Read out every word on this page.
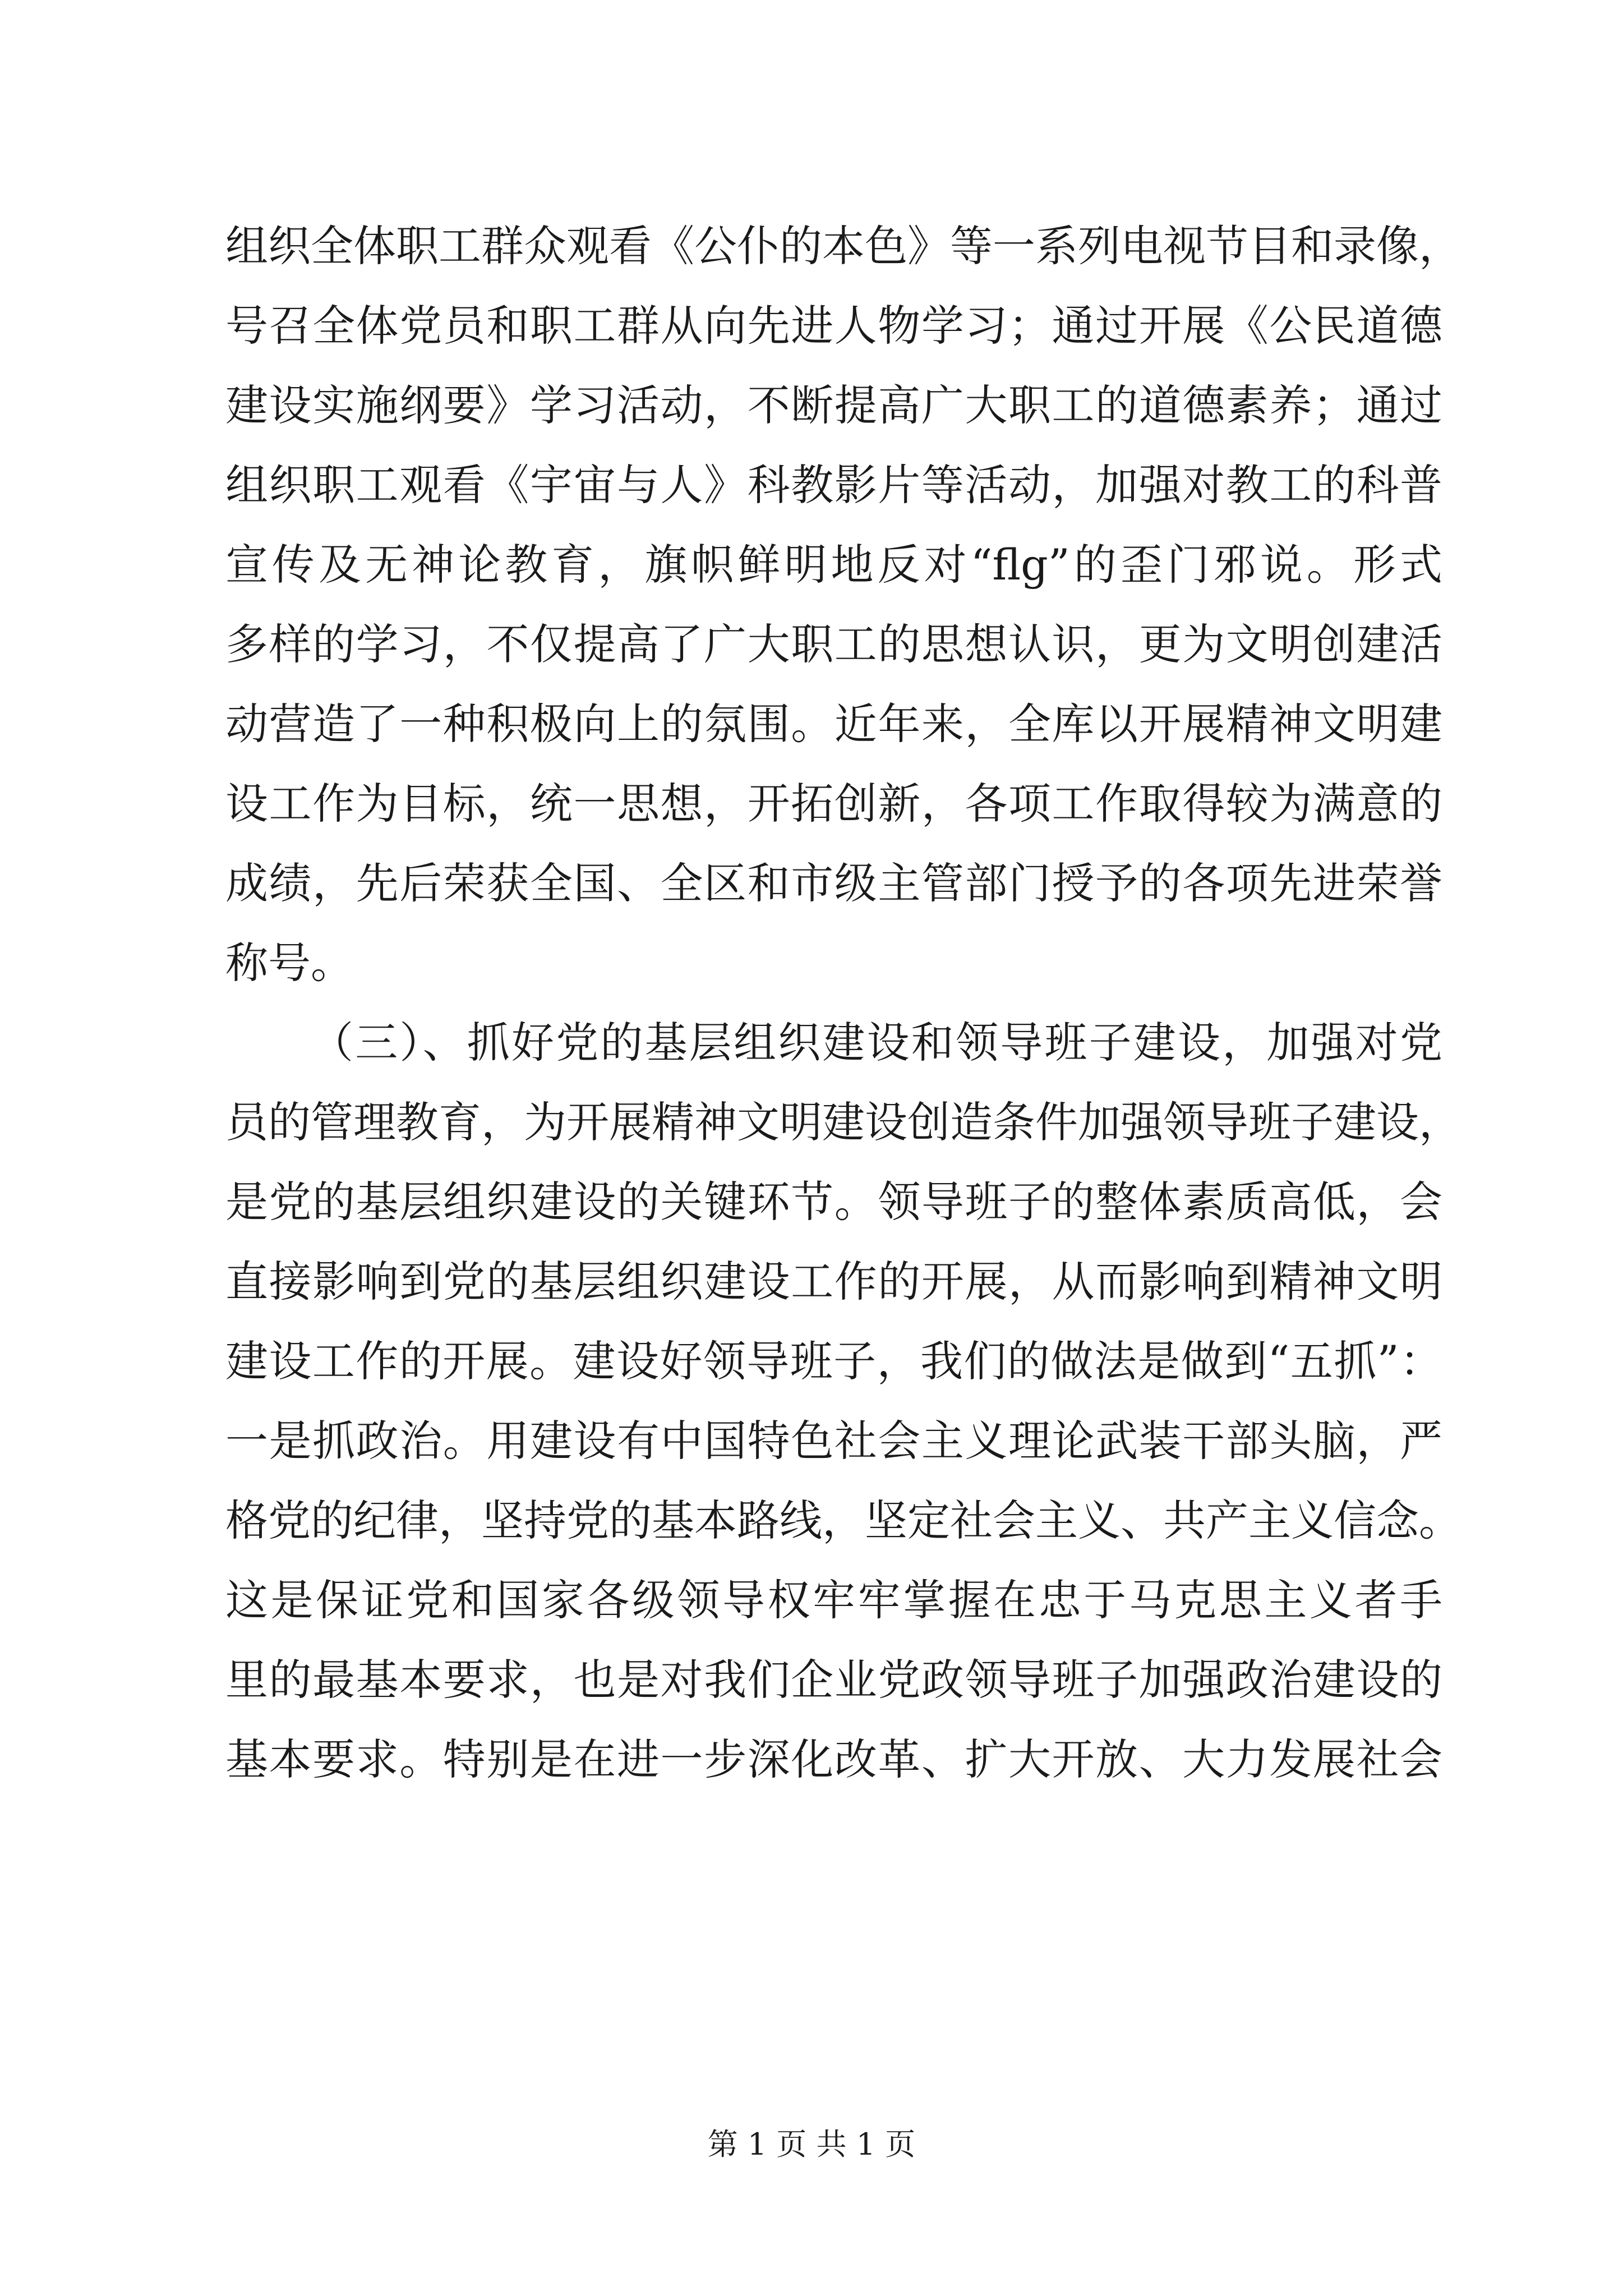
组织全体职工群众观看《公仆的本色》等一系列电视节目和录像，
号召全体党员和职工群从向先进人物学习；通过开展《公民道德
建设实施纲要》学习活动，不断提高广大职工的道德素养；通过
组织职工观看《宇宙与人》科教影片等活动，加强对教工的科普
宣传及无神论教育，旗帜鲜明地反对“flg”的歪门邪说。形式
多样的学习，不仅提高了广大职工的思想认识，更为文明创建活
动营造了一种积极向上的氛围。近年来，全库以开展精神文明建
设工作为目标，统一思想，开拓创新，各项工作取得较为满意的
成绩，先后荣获全国、全区和市级主管部门授予的各项先进荣誉
称号。
（三）、抓好党的基层组织建设和领导班子建设，加强对党
员的管理教育，为开展精神文明建设创造条件加强领导班子建设，
是党的基层组织建设的关键环节。领导班子的整体素质高低，会
直接影响到党的基层组织建设工作的开展，从而影响到精神文明
建设工作的开展。建设好领导班子，我们的做法是做到“五抓”：
一是抓政治。用建设有中国特色社会主义理论武装干部头脑，严
格党的纪律，坚持党的基本路线，坚定社会主义、共产主义信念。
这是保证党和国家各级领导权牢牢掌握在忠于马克思主义者手
里的最基本要求，也是对我们企业党政领导班子加强政治建设的
基本要求。特别是在进一步深化改革、扩大开放、大力发展社会
第 1 页 共 1 页
